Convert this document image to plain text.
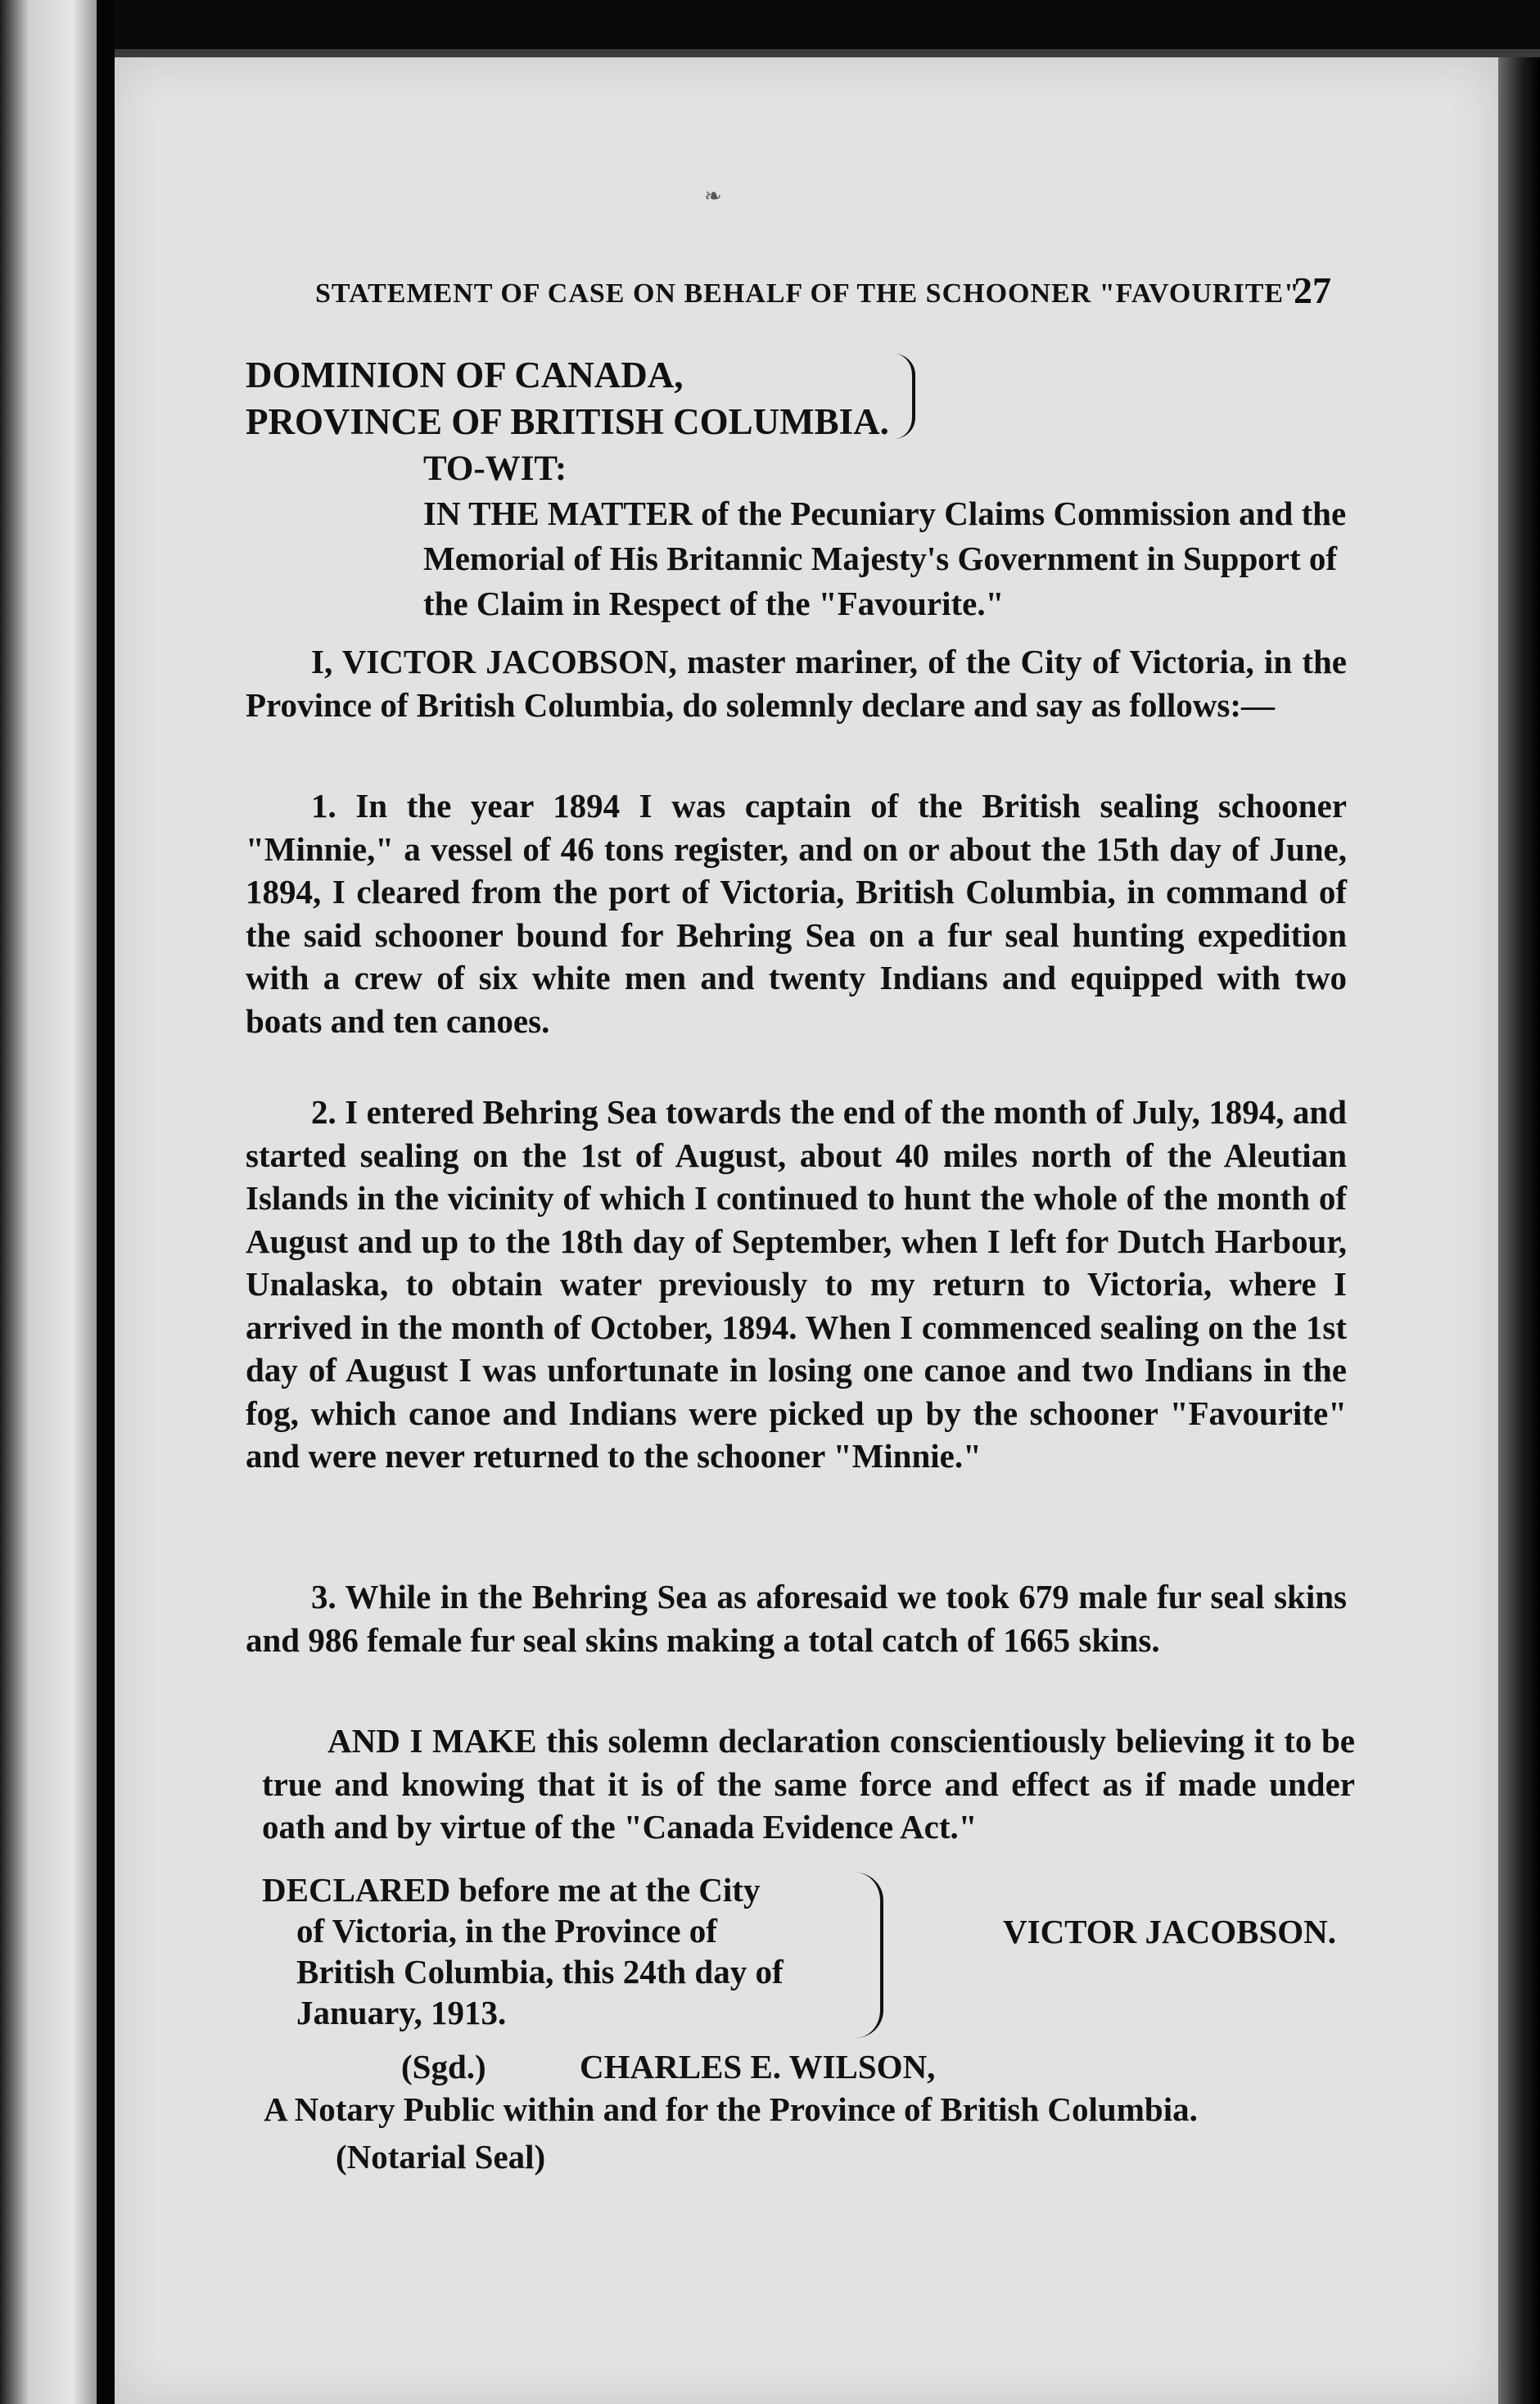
❧
STATEMENT OF CASE ON BEHALF OF THE SCHOONER "FAVOURITE"
27
DOMINION OF CANADA,
PROVINCE OF BRITISH COLUMBIA.
TO-WIT:
IN THE MATTER of the Pecuniary Claims Commission and the Memorial of His Britannic Majesty's Government in Support of the Claim in Respect of the "Favourite."

I, VICTOR JACOBSON, master mariner, of the City of Victoria, in the Province of British Columbia, do solemnly declare and say as follows:—

1. In the year 1894 I was captain of the British sealing schooner "Minnie," a vessel of 46 tons register, and on or about the 15th day of June, 1894, I cleared from the port of Victoria, British Columbia, in command of the said schooner bound for Behring Sea on a fur seal hunting expedition with a crew of six white men and twenty Indians and equipped with two boats and ten canoes.

2. I entered Behring Sea towards the end of the month of July, 1894, and started sealing on the 1st of August, about 40 miles north of the Aleutian Islands in the vicinity of which I continued to hunt the whole of the month of August and up to the 18th day of September, when I left for Dutch Harbour, Unalaska, to obtain water previously to my return to Victoria, where I arrived in the month of October, 1894. When I commenced sealing on the 1st day of August I was unfortunate in losing one canoe and two Indians in the fog, which canoe and Indians were picked up by the schooner "Favourite" and were never returned to the schooner "Minnie."

3. While in the Behring Sea as aforesaid we took 679 male fur seal skins and 986 female fur seal skins making a total catch of 1665 skins.

AND I MAKE this solemn declaration conscientiously believing it to be true and knowing that it is of the same force and effect as if made under oath and by virtue of the "Canada Evidence Act."

DECLARED before me at the City
of Victoria, in the Province of
British Columbia, this 24th day of
January, 1913.
VICTOR JACOBSON.
(Sgd.)	CHARLES E. WILSON,
A Notary Public within and for the Province of British Columbia.
(Notarial Seal)
